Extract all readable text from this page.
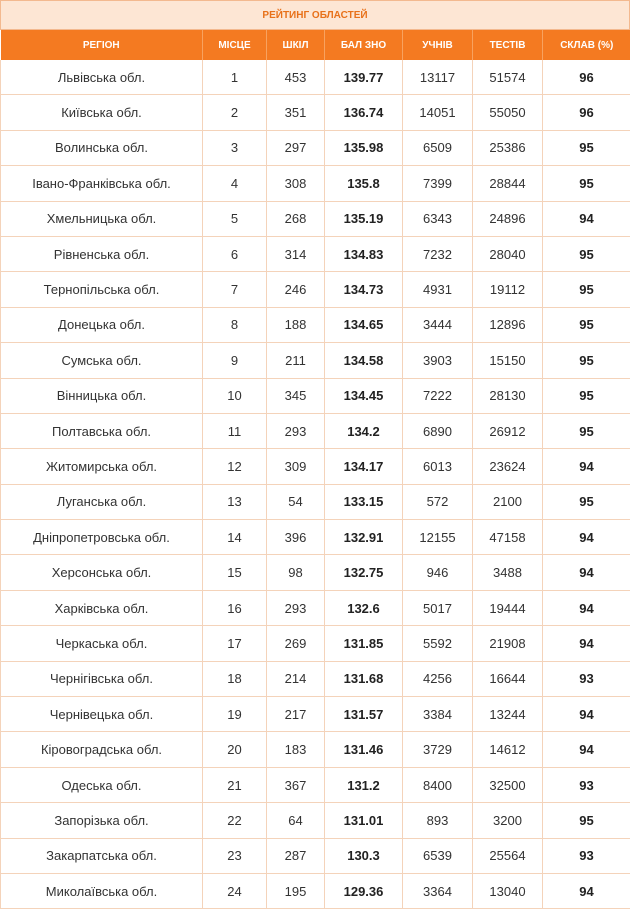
РЕЙТИНГ ОБЛАСТЕЙ
РЕГІОН	МІСЦЕ	ШКІЛ	БАЛ ЗНО	УЧНІВ	ТЕСТІВ	СКЛАВ (%)
Львівська обл.	1	453	139.77	13117	51574	96
Київська обл.	2	351	136.74	14051	55050	96
Волинська обл.	3	297	135.98	6509	25386	95
Івано-Франківська обл.	4	308	135.8	7399	28844	95
Хмельницька обл.	5	268	135.19	6343	24896	94
Рівненська обл.	6	314	134.83	7232	28040	95
Тернопільська обл.	7	246	134.73	4931	19112	95
Донецька обл.	8	188	134.65	3444	12896	95
Сумська обл.	9	211	134.58	3903	15150	95
Вінницька обл.	10	345	134.45	7222	28130	95
Полтавська обл.	11	293	134.2	6890	26912	95
Житомирська обл.	12	309	134.17	6013	23624	94
Луганська обл.	13	54	133.15	572	2100	95
Дніпропетровська обл.	14	396	132.91	12155	47158	94
Херсонська обл.	15	98	132.75	946	3488	94
Харківська обл.	16	293	132.6	5017	19444	94
Черкаська обл.	17	269	131.85	5592	21908	94
Чернігівська обл.	18	214	131.68	4256	16644	93
Чернівецька обл.	19	217	131.57	3384	13244	94
Кіровоградська обл.	20	183	131.46	3729	14612	94
Одеська обл.	21	367	131.2	8400	32500	93
Запорізька обл.	22	64	131.01	893	3200	95
Закарпатська обл.	23	287	130.3	6539	25564	93
Миколаївська обл.	24	195	129.36	3364	13040	94
